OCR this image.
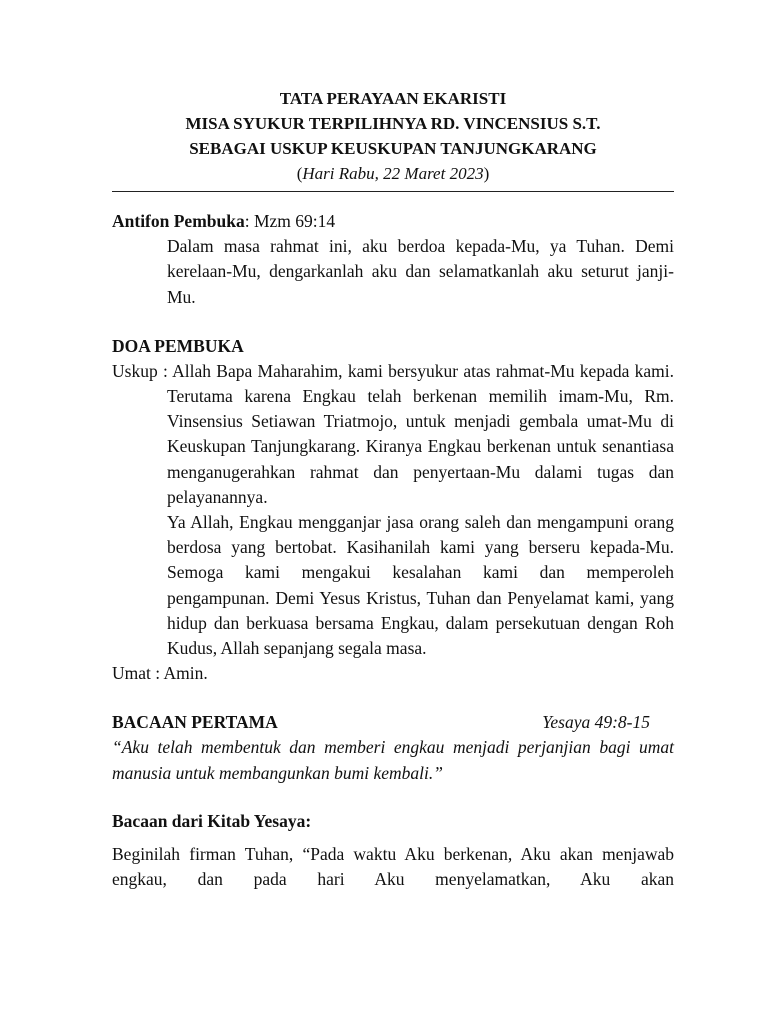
TATA PERAYAAN EKARISTI
MISA SYUKUR TERPILIHNYA RD. VINCENSIUS S.T.
SEBAGAI USKUP KEUSKUPAN TANJUNGKARANG
(Hari Rabu, 22 Maret 2023)
Antifon Pembuka: Mzm 69:14
Dalam masa rahmat ini, aku berdoa kepada-Mu, ya Tuhan. Demi kerelaan-Mu, dengarkanlah aku dan selamatkanlah aku seturut janji-Mu.
DOA PEMBUKA
Uskup : Allah Bapa Maharahim, kami bersyukur atas rahmat-Mu kepada kami. Terutama karena Engkau telah berkenan memilih imam-Mu, Rm. Vinsensius Setiawan Triatmojo, untuk menjadi gembala umat-Mu di Keuskupan Tanjungkarang. Kiranya Engkau berkenan untuk senantiasa menganugerahkan rahmat dan penyertaan-Mu dalami tugas dan pelayanannya.
Ya Allah, Engkau mengganjar jasa orang saleh dan mengampuni orang berdosa yang bertobat. Kasihanilah kami yang berseru kepada-Mu. Semoga kami mengakui kesalahan kami dan memperoleh pengampunan. Demi Yesus Kristus, Tuhan dan Penyelamat kami, yang hidup dan berkuasa bersama Engkau, dalam persekutuan dengan Roh Kudus, Allah sepanjang segala masa.
Umat : Amin.
BACAAN PERTAMA	Yesaya 49:8-15
“Aku telah membentuk dan memberi engkau menjadi perjanjian bagi umat manusia untuk membangunkan bumi kembali.”
Bacaan dari Kitab Yesaya:
Beginilah firman Tuhan, “Pada waktu Aku berkenan, Aku akan menjawab engkau, dan pada hari Aku menyelamatkan, Aku akan
